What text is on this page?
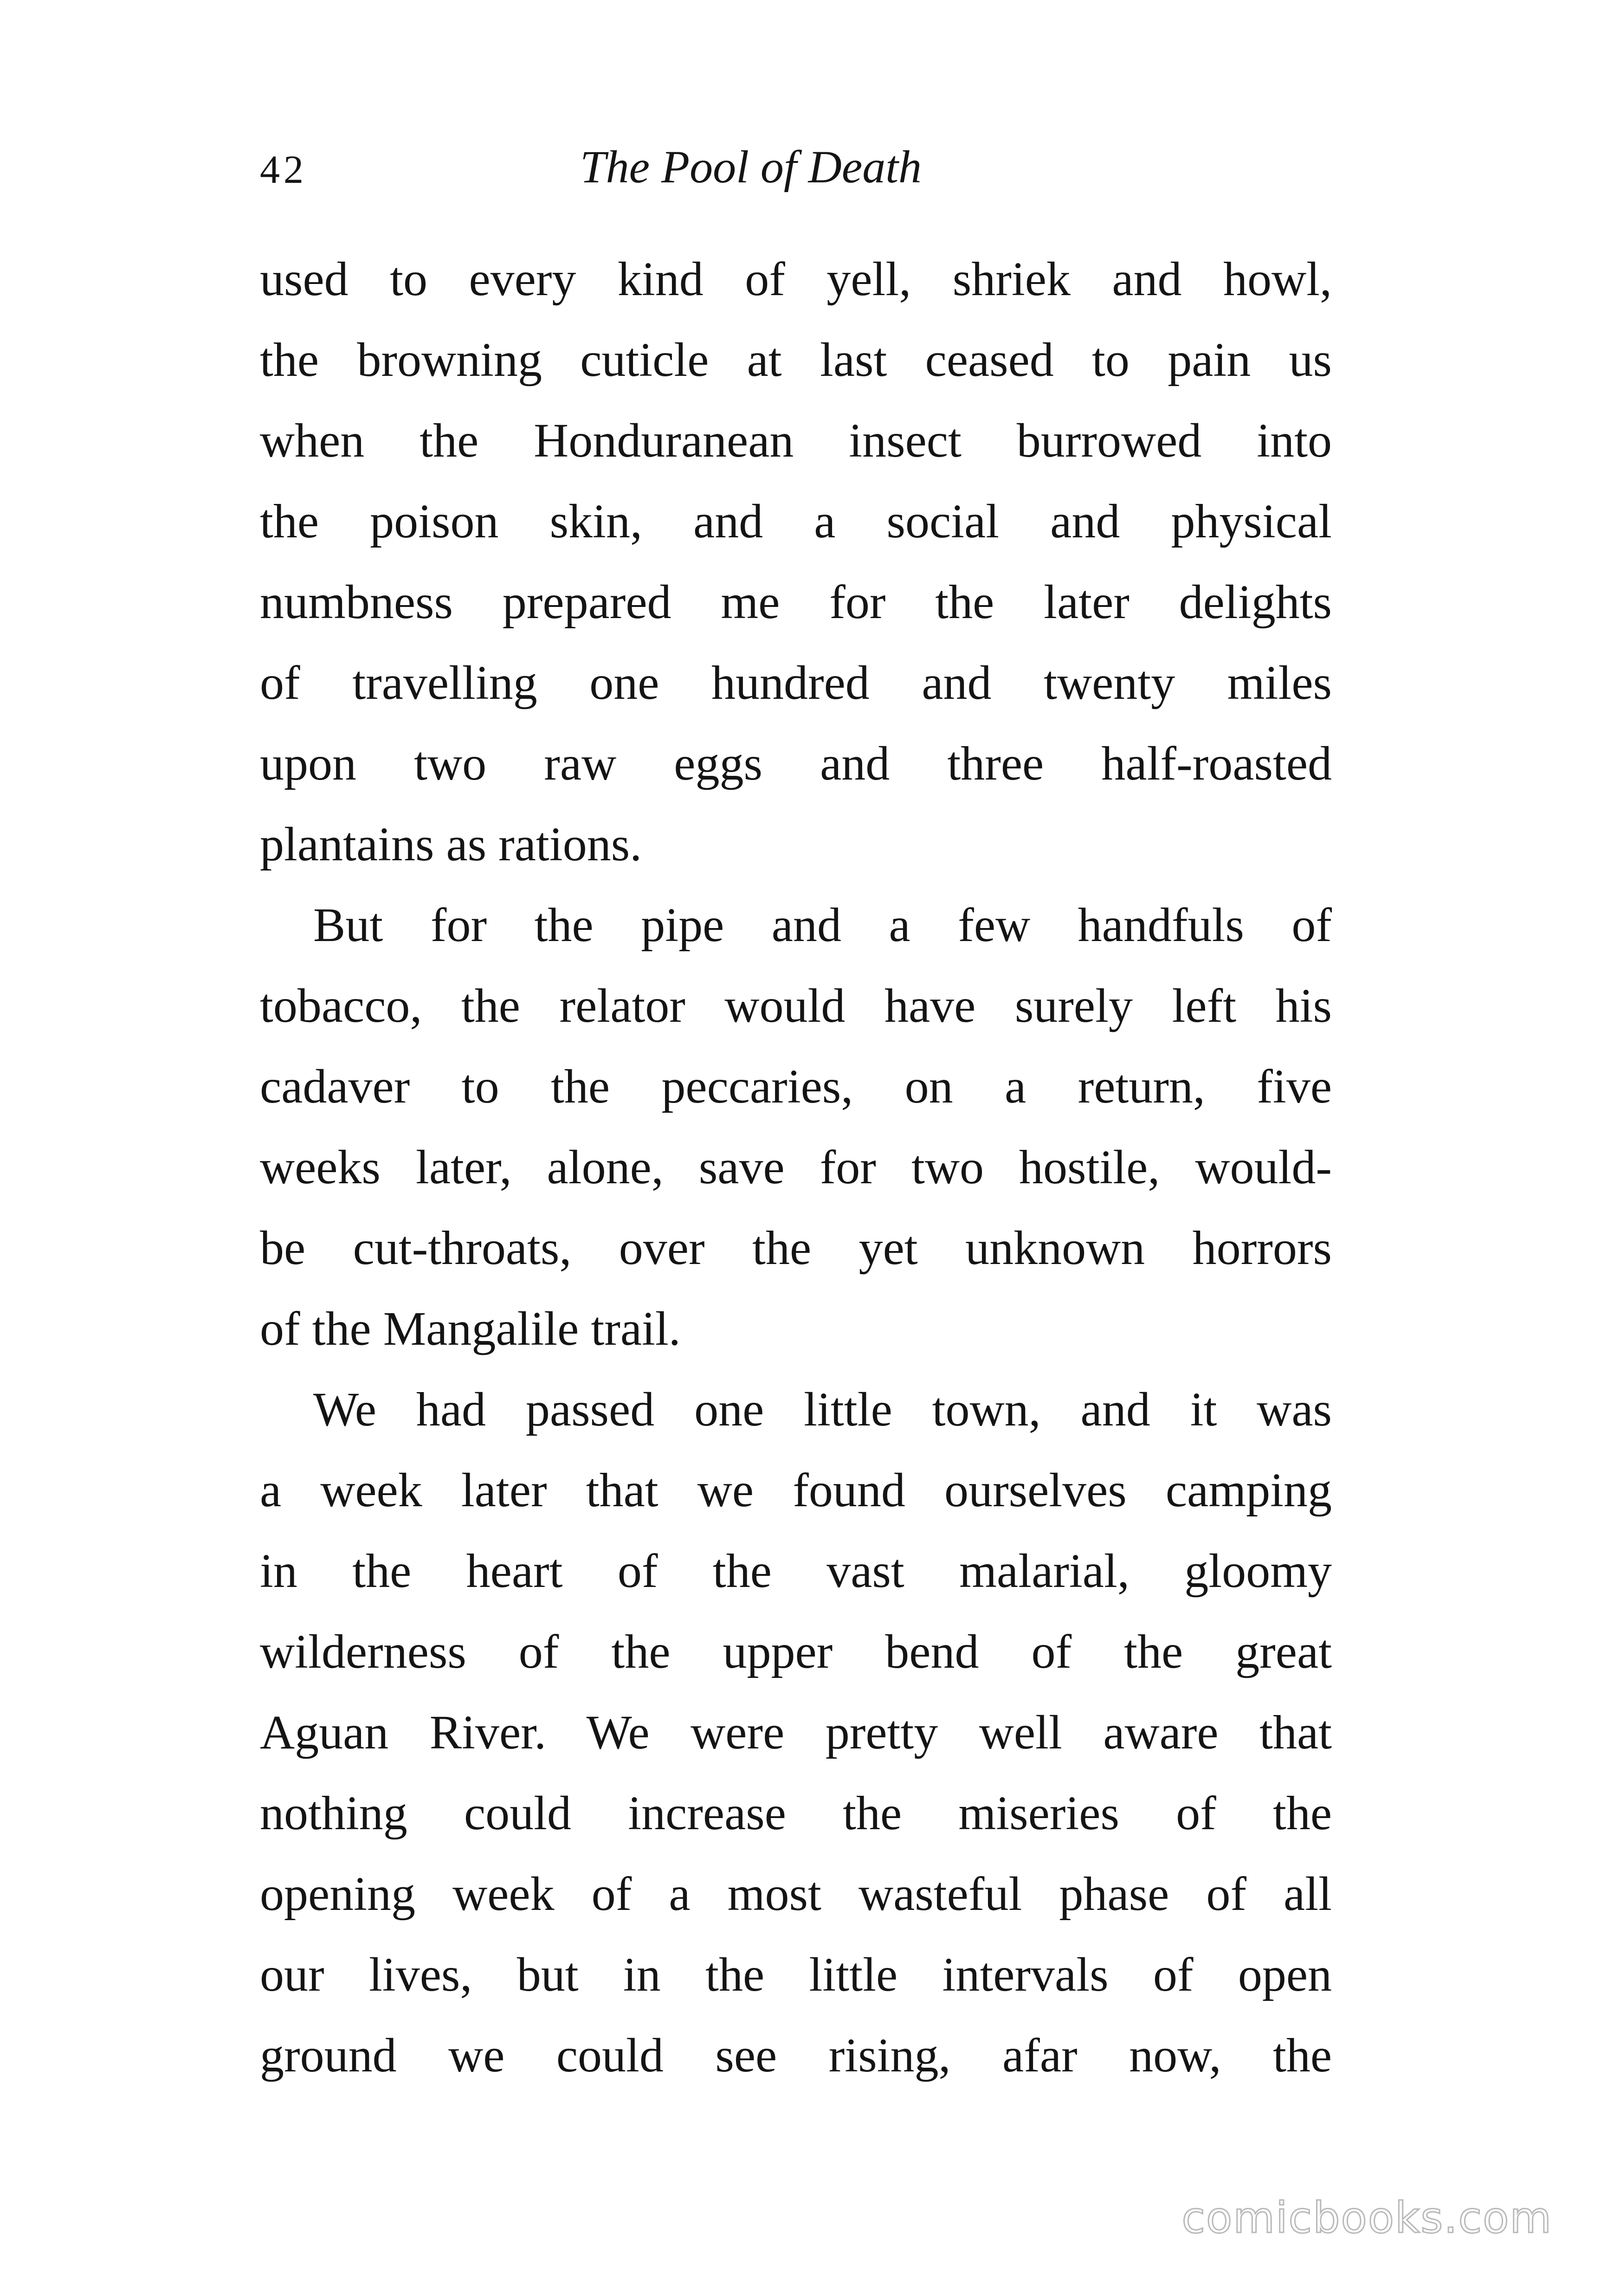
42	The Pool of Death
used to every kind of yell, shriek and howl,
the browning cuticle at last ceased to pain us
when the Honduranean insect burrowed into
the poison skin, and a social and physical
numbness prepared me for the later delights
of travelling one hundred and twenty miles
upon two raw eggs and three half-roasted
plantains as rations.
But for the pipe and a few handfuls of
tobacco, the relator would have surely left his
cadaver to the peccaries, on a return, five
weeks later, alone, save for two hostile, would-
be cut-throats, over the yet unknown horrors
of the Mangalile trail.
We had passed one little town, and it was
a week later that we found ourselves camping
in the heart of the vast malarial, gloomy
wilderness of the upper bend of the great
Aguan River. We were pretty well aware that
nothing could increase the miseries of the
opening week of a most wasteful phase of all
our lives, but in the little intervals of open
ground we could see rising, afar now, the
comicbooks.com
